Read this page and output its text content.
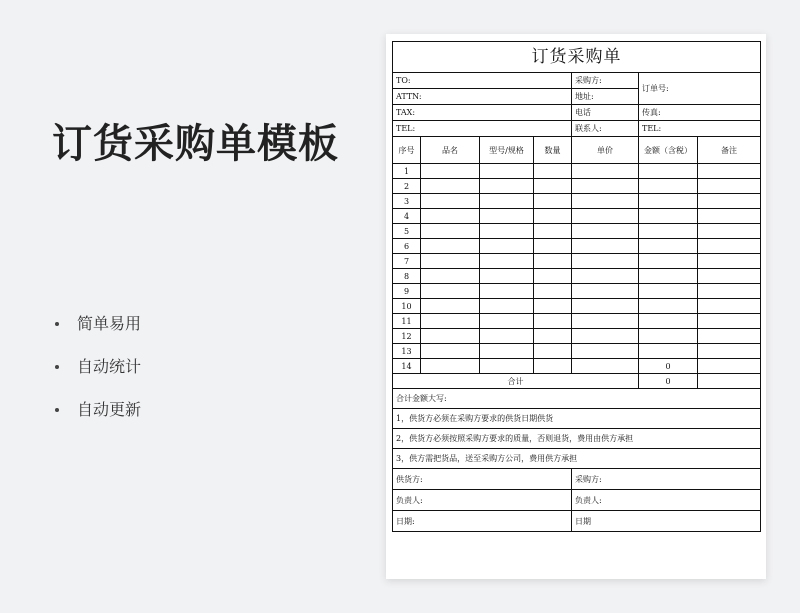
订货采购单模板
简单易用
自动统计
自动更新
订货采购单						
TO:				采购方:	订单号:	
ATTN:				地址:		
TAX:				电话	传真:	
TEL:				联系人:	TEL:	
序号	品名	型号/规格	数量	单价	金额（含税）	备注
1						
2						
3						
4						
5						
6						
7						
8						
9						
10						
11						
12						
13						
14					0	
合计					0	
合计金额大写:						
1，供货方必须在采购方要求的供货日期供货						
2，供货方必须按照采购方要求的质量，否则退货，费用由供方承担						
3，供方需把货品，送至采购方公司，费用供方承担						
供货方:				采购方:		
负责人:				负责人:		
日期:				日期		
